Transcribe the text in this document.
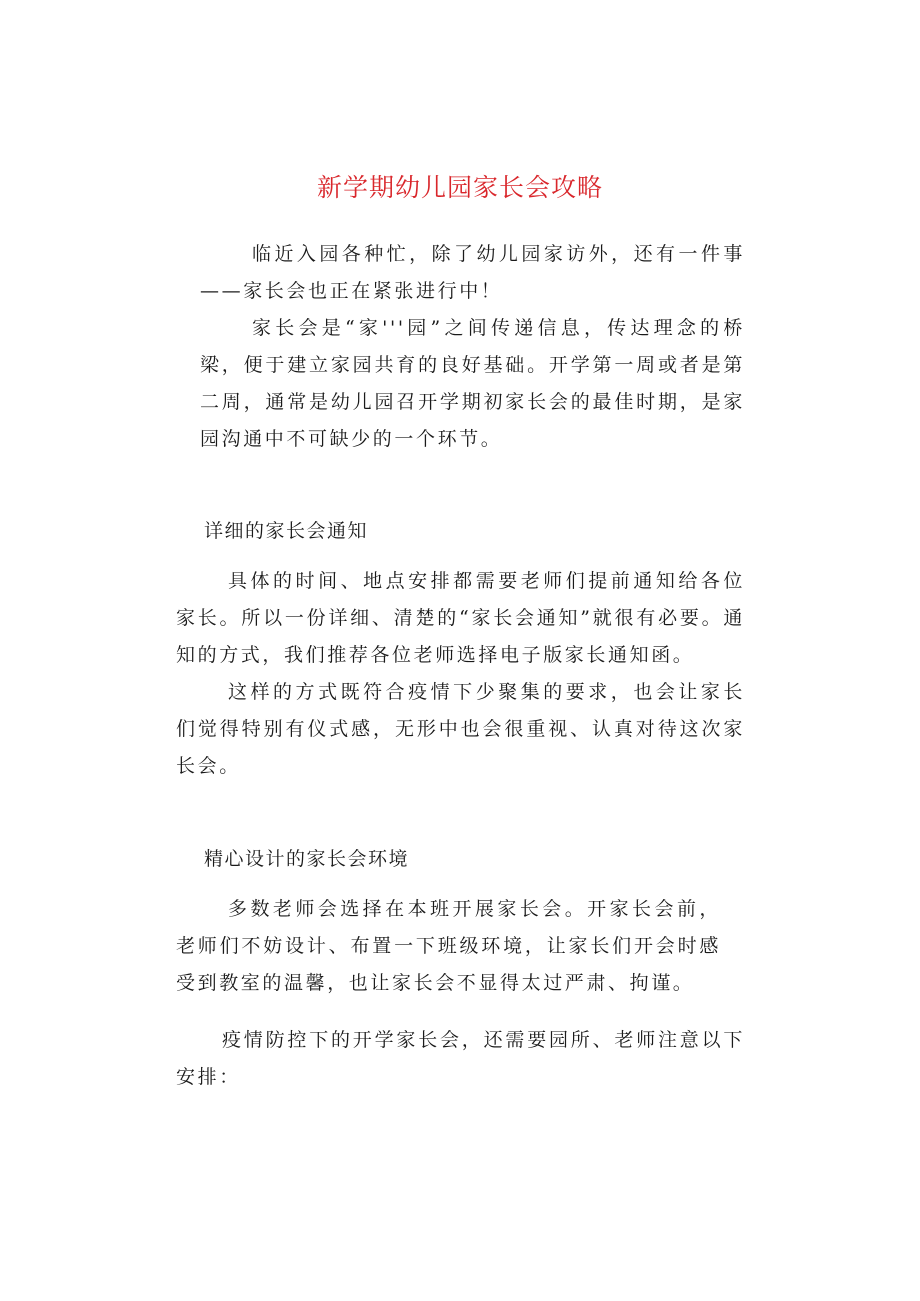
新学期幼儿园家长会攻略

临近入园各种忙，除了幼儿园家访外，还有一件事——家长会也正在紧张进行中！

家长会是“家'''园”之间传递信息，传达理念的桥梁，便于建立家园共育的良好基础。开学第一周或者是第二周，通常是幼儿园召开学期初家长会的最佳时期，是家园沟通中不可缺少的一个环节。

详细的家长会通知

具体的时间、地点安排都需要老师们提前通知给各位家长。所以一份详细、清楚的“家长会通知”就很有必要。通知的方式，我们推荐各位老师选择电子版家长通知函。

这样的方式既符合疫情下少聚集的要求，也会让家长们觉得特别有仪式感，无形中也会很重视、认真对待这次家长会。

精心设计的家长会环境

多数老师会选择在本班开展家长会。开家长会前，老师们不妨设计、布置一下班级环境，让家长们开会时感受到教室的温馨，也让家长会不显得太过严肃、拘谨。

疫情防控下的开学家长会，还需要园所、老师注意以下安排：
